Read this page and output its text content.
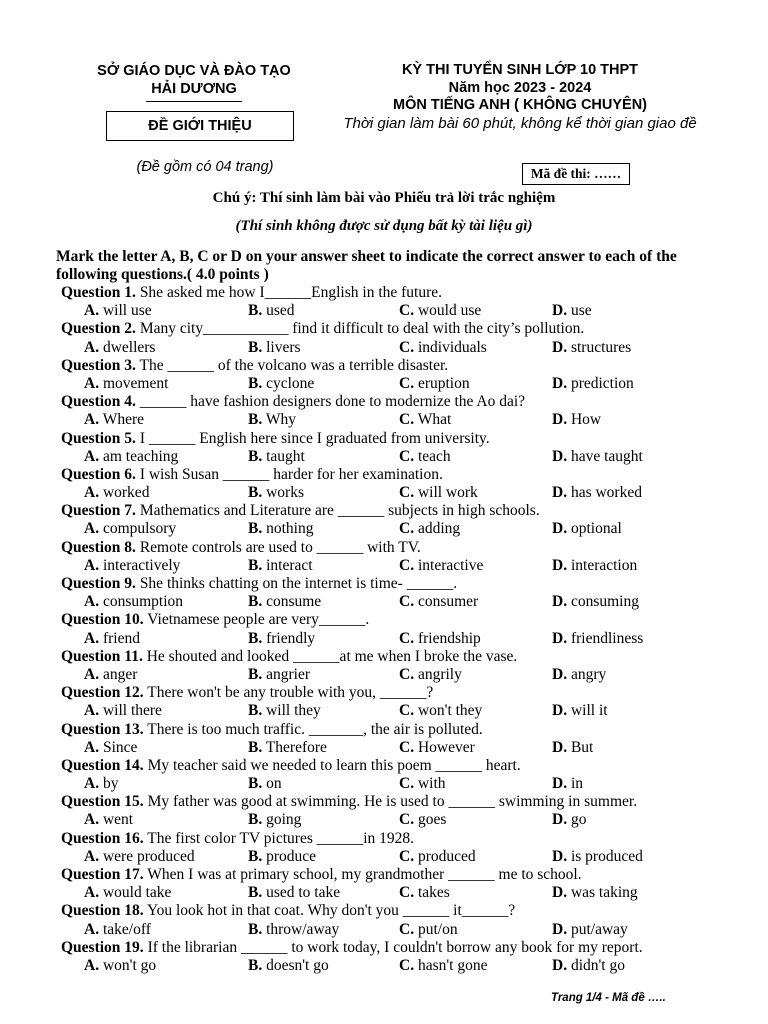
SỞ GIÁO DỤC VÀ ĐÀO TẠO
HẢI DƯƠNG
ĐỀ GIỚI THIỆU
KỲ THI TUYỂN SINH LỚP 10 THPT
Năm học 2023 - 2024
MÔN TIẾNG ANH ( KHÔNG CHUYÊN)
Thời gian làm bài 60 phút, không kể thời gian giao đề
(Đề gồm có 04 trang)	Mã đề thi: ……
Chú ý: Thí sinh làm bài vào Phiếu trả lời trắc nghiệm
(Thí sinh không được sử dụng bất kỳ tài liệu gì)
Mark the letter A, B, C or D on your answer sheet to indicate the correct answer to each of the following questions.( 4.0 points )
Question 1. She asked me how I______English in the future.
A. will use	B. used	C. would use	D. use
Question 2. Many city___________ find it difficult to deal with the city’s pollution.
A. dwellers	B. livers	C. individuals	D. structures
Question 3. The ______ of the volcano was a terrible disaster.
A. movement	B. cyclone	C. eruption	D. prediction
Question 4. ______ have fashion designers done to modernize the Ao dai?
A. Where	B. Why	C. What	D. How
Question 5. I ______ English here since I graduated from university.
A. am teaching	B. taught	C. teach	D. have taught
Question 6. I wish Susan ______ harder for her examination.
A. worked	B. works	C. will work	D. has worked
Question 7. Mathematics and Literature are ______ subjects in high schools.
A. compulsory	B. nothing	C. adding	D. optional
Question 8. Remote controls are used to ______ with TV.
A. interactively	B. interact	C. interactive	D. interaction
Question 9. She thinks chatting on the internet is time- ______.
A. consumption	B. consume	C. consumer	D. consuming
Question 10. Vietnamese people are very______.
A. friend	B. friendly	C. friendship	D. friendliness
Question 11. He shouted and looked ______at me when I broke the vase.
A. anger	B. angrier	C. angrily	D. angry
Question 12. There won't be any trouble with you, ______?
A. will there	B. will they	C. won't they	D. will it
Question 13. There is too much traffic. _______, the air is polluted.
A. Since	B. Therefore	C. However	D. But
Question 14. My teacher said we needed to learn this poem ______ heart.
A. by	B. on	C. with	D. in
Question 15. My father was good at swimming. He is used to ______ swimming in summer.
A. went	B. going	C. goes	D. go
Question 16. The first color TV pictures ______in 1928.
A. were produced	B. produce	C. produced	D. is produced
Question 17. When I was at primary school, my grandmother ______ me to school.
A. would take	B. used to take	C. takes	D. was taking
Question 18. You look hot in that coat. Why don't you ______ it______?
A. take/off	B. throw/away	C. put/on	D. put/away
Question 19. If the librarian ______ to work today, I couldn't borrow any book for my report.
A. won't go	B. doesn't go	C. hasn't gone	D. didn't go
Trang 1/4 - Mã đề …..
